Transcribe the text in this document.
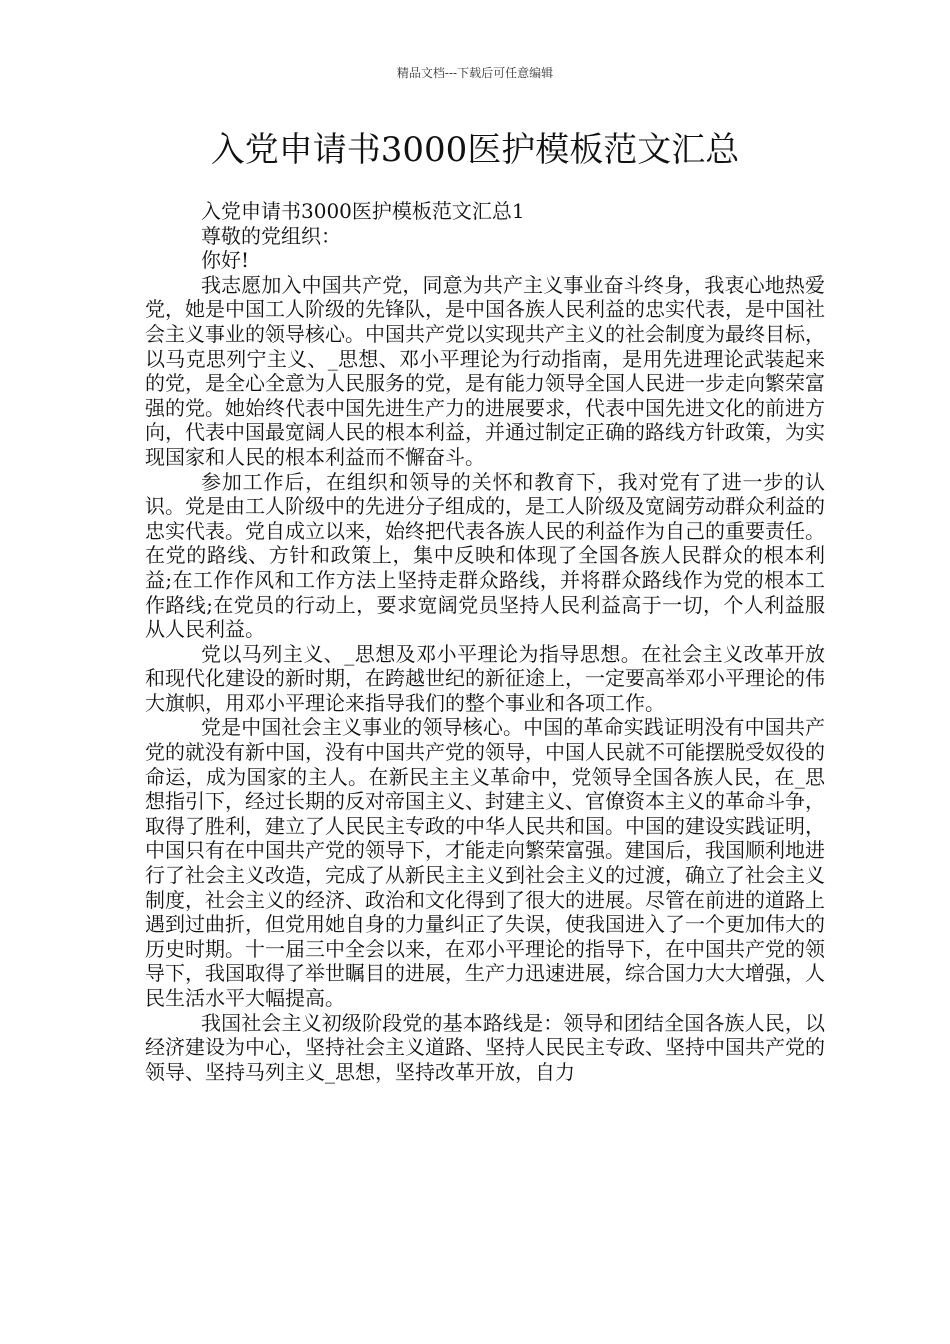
精品文档---下载后可任意编辑
入党申请书3000医护模板范文汇总

入党申请书3000医护模板范文汇总1

尊敬的党组织：

你好!

我志愿加入中国共产党，同意为共产主义事业奋斗终身，我衷心地热爱党，她是中国工人阶级的先锋队，是中国各族人民利益的忠实代表，是中国社会主义事业的领导核心。中国共产党以实现共产主义的社会制度为最终目标，以马克思列宁主义、_思想、邓小平理论为行动指南，是用先进理论武装起来的党，是全心全意为人民服务的党，是有能力领导全国人民进一步走向繁荣富强的党。她始终代表中国先进生产力的进展要求，代表中国先进文化的前进方向，代表中国最宽阔人民的根本利益，并通过制定正确的路线方针政策，为实现国家和人民的根本利益而不懈奋斗。

参加工作后，在组织和领导的关怀和教育下，我对党有了进一步的认识。党是由工人阶级中的先进分子组成的，是工人阶级及宽阔劳动群众利益的忠实代表。党自成立以来，始终把代表各族人民的利益作为自己的重要责任。在党的路线、方针和政策上，集中反映和体现了全国各族人民群众的根本利益;在工作作风和工作方法上坚持走群众路线，并将群众路线作为党的根本工作路线;在党员的行动上，要求宽阔党员坚持人民利益高于一切，个人利益服从人民利益。

党以马列主义、_思想及邓小平理论为指导思想。在社会主义改革开放和现代化建设的新时期，在跨越世纪的新征途上，一定要高举邓小平理论的伟大旗帜，用邓小平理论来指导我们的整个事业和各项工作。

党是中国社会主义事业的领导核心。中国的革命实践证明没有中国共产党的就没有新中国，没有中国共产党的领导，中国人民就不可能摆脱受奴役的命运，成为国家的主人。在新民主主义革命中，党领导全国各族人民，在_思想指引下，经过长期的反对帝国主义、封建主义、官僚资本主义的革命斗争，取得了胜利，建立了人民民主专政的中华人民共和国。中国的建设实践证明，中国只有在中国共产党的领导下，才能走向繁荣富强。建国后，我国顺利地进行了社会主义改造，完成了从新民主主义到社会主义的过渡，确立了社会主义制度，社会主义的经济、政治和文化得到了很大的进展。尽管在前进的道路上遇到过曲折，但党用她自身的力量纠正了失误，使我国进入了一个更加伟大的历史时期。十一届三中全会以来，在邓小平理论的指导下，在中国共产党的领导下，我国取得了举世瞩目的进展，生产力迅速进展，综合国力大大增强，人民生活水平大幅提高。

我国社会主义初级阶段党的基本路线是：领导和团结全国各族人民，以经济建设为中心，坚持社会主义道路、坚持人民民主专政、坚持中国共产党的领导、坚持马列主义_思想，坚持改革开放，自力
